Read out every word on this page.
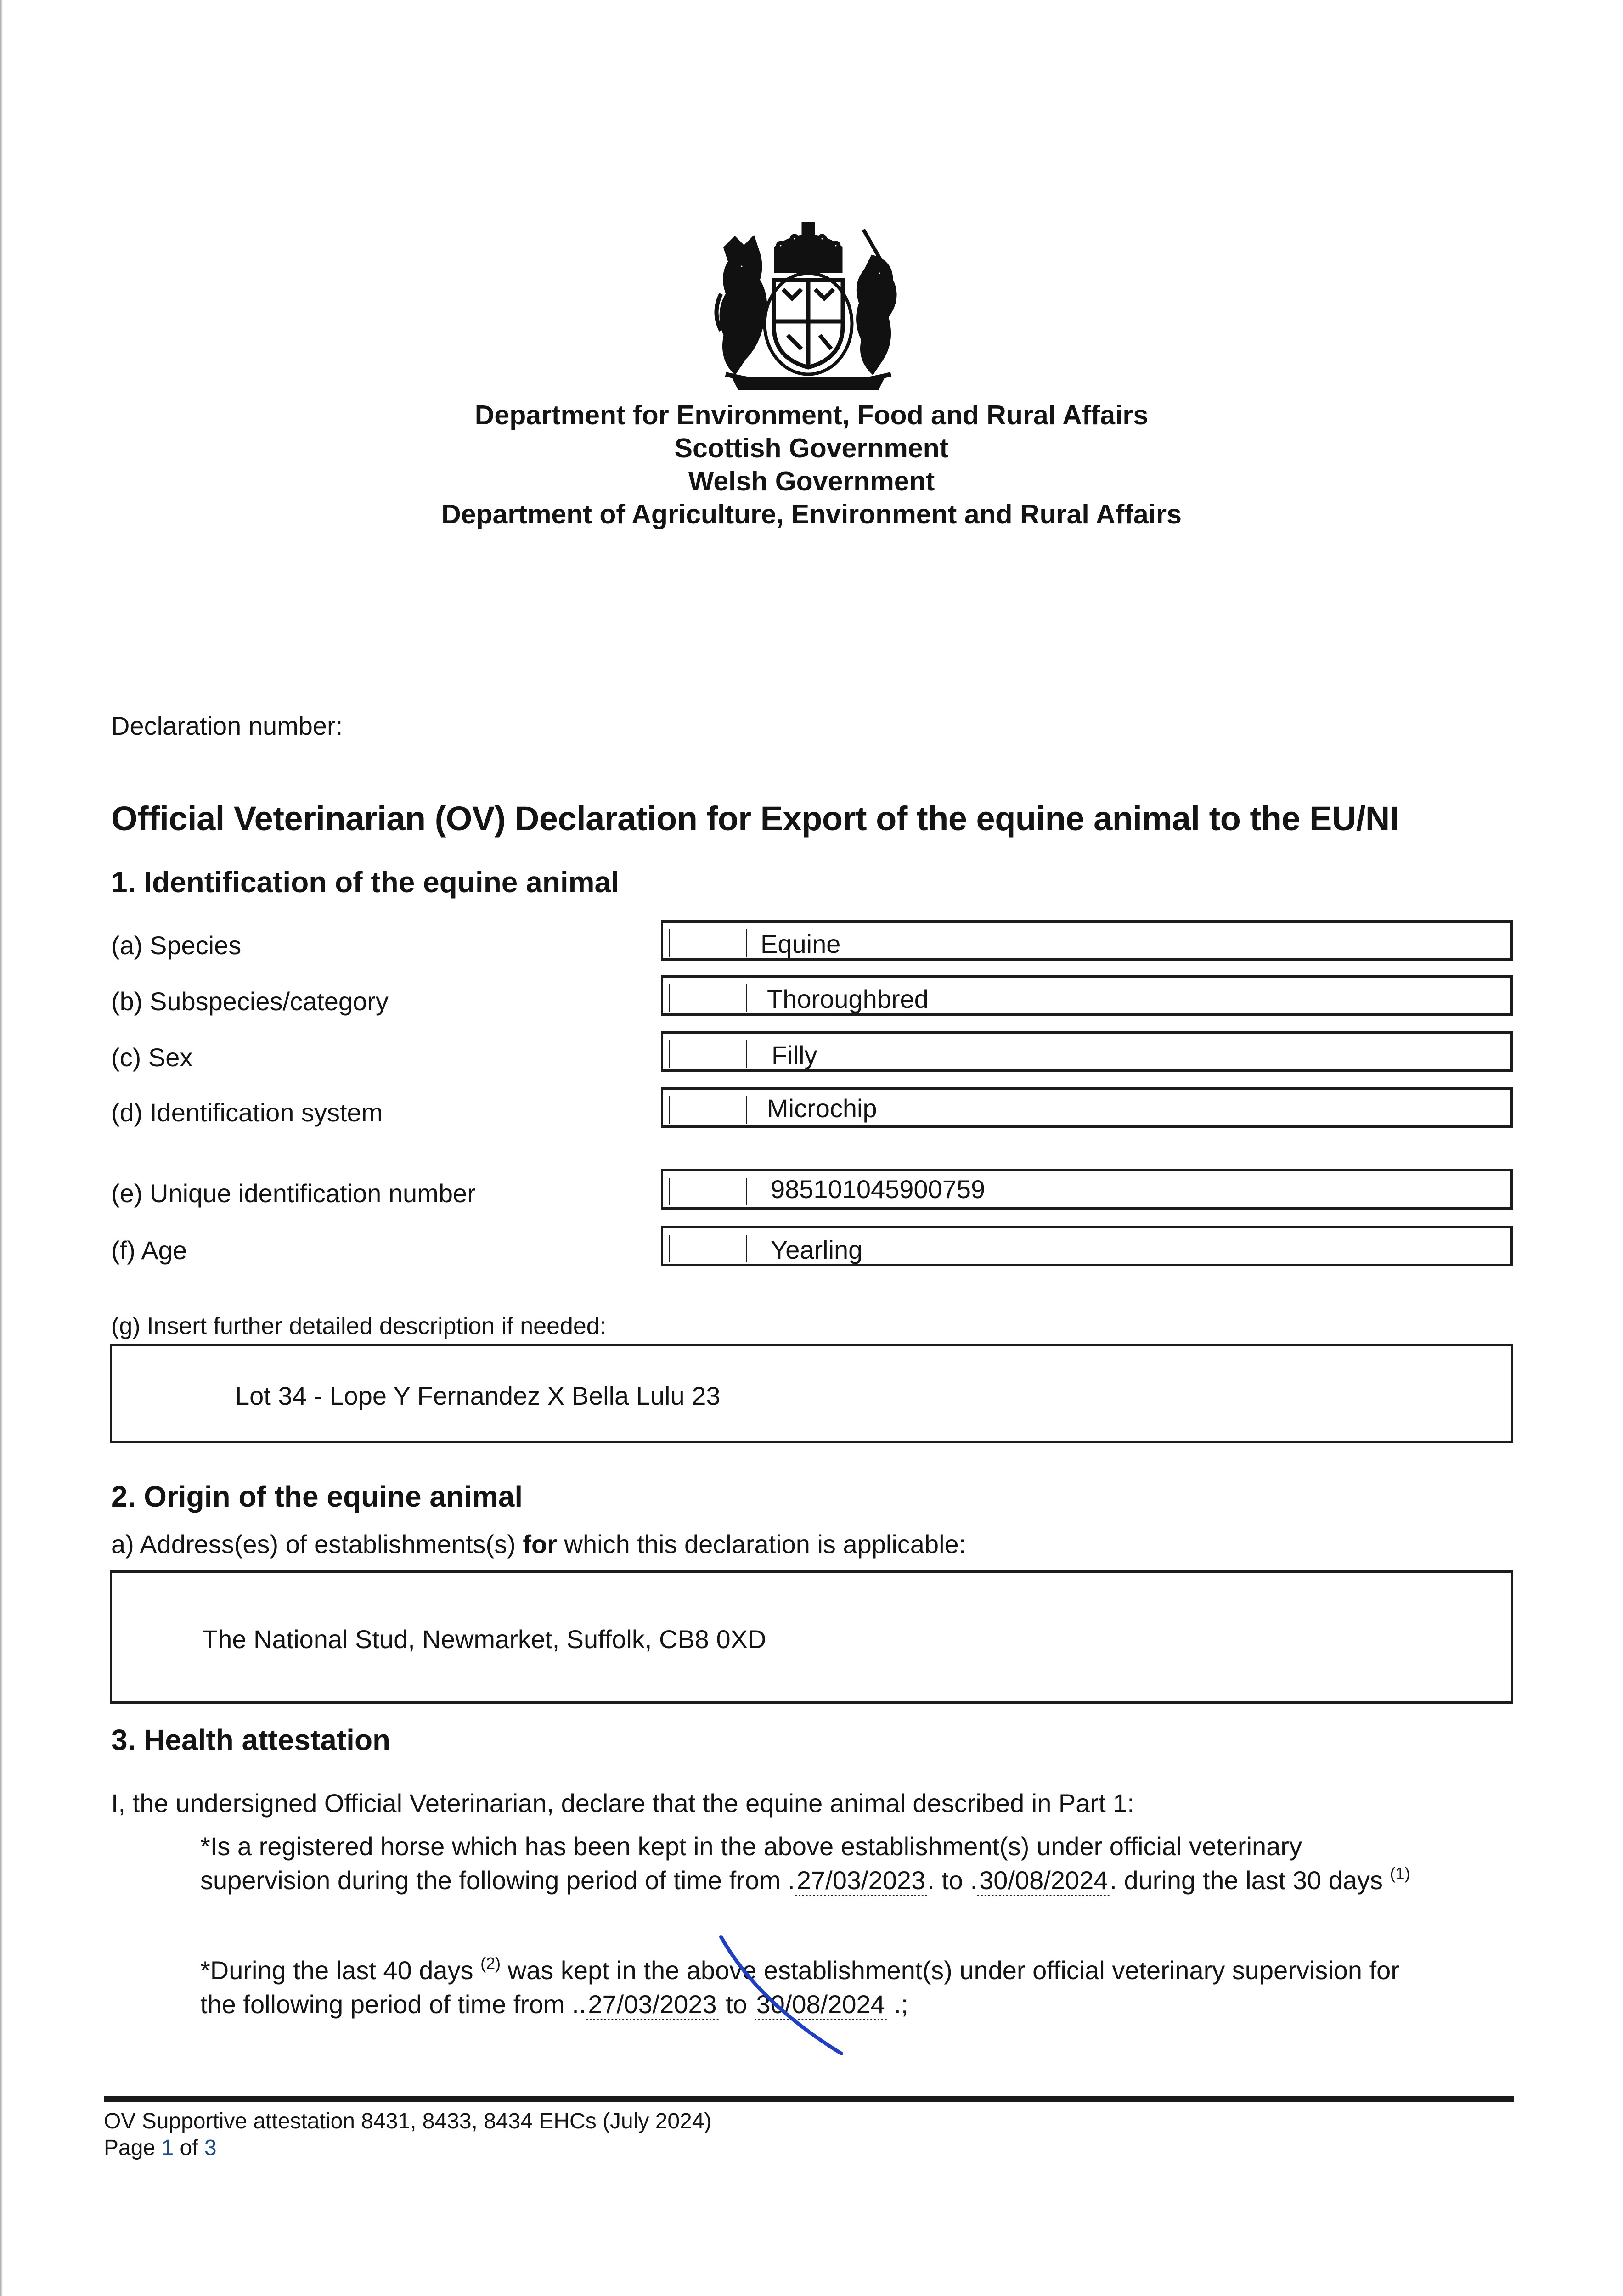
Department for Environment, Food and Rural Affairs
Scottish Government
Welsh Government
Department of Agriculture, Environment and Rural Affairs
Declaration number:
Official Veterinarian (OV) Declaration for Export of the equine animal to the EU/NI
1. Identification of the equine animal
(a) Species	Equine
(b) Subspecies/category	Thoroughbred
(c) Sex	Filly
(d) Identification system	Microchip
(e) Unique identification number	985101045900759
(f) Age	Yearling
(g) Insert further detailed description if needed:
Lot 34 - Lope Y Fernandez X Bella Lulu 23
2. Origin of the equine animal
a) Address(es) of establishments(s) for which this declaration is applicable:
The National Stud, Newmarket, Suffolk, CB8 0XD
3. Health attestation
I, the undersigned Official Veterinarian, declare that the equine animal described in Part 1:
*Is a registered horse which has been kept in the above establishment(s) under official veterinary
supervision during the following period of time from .27/03/2023. to .30/08/2024. during the last 30 days $^{(1)}$
*During the last 40 days $^{(2)}$ was kept in the above establishment(s) under official veterinary supervision for
the following period of time from ..27/03/2023 to 30/08/2024 .;
OV Supportive attestation 8431, 8433, 8434 EHCs (July 2024)
Page 1 of 3
